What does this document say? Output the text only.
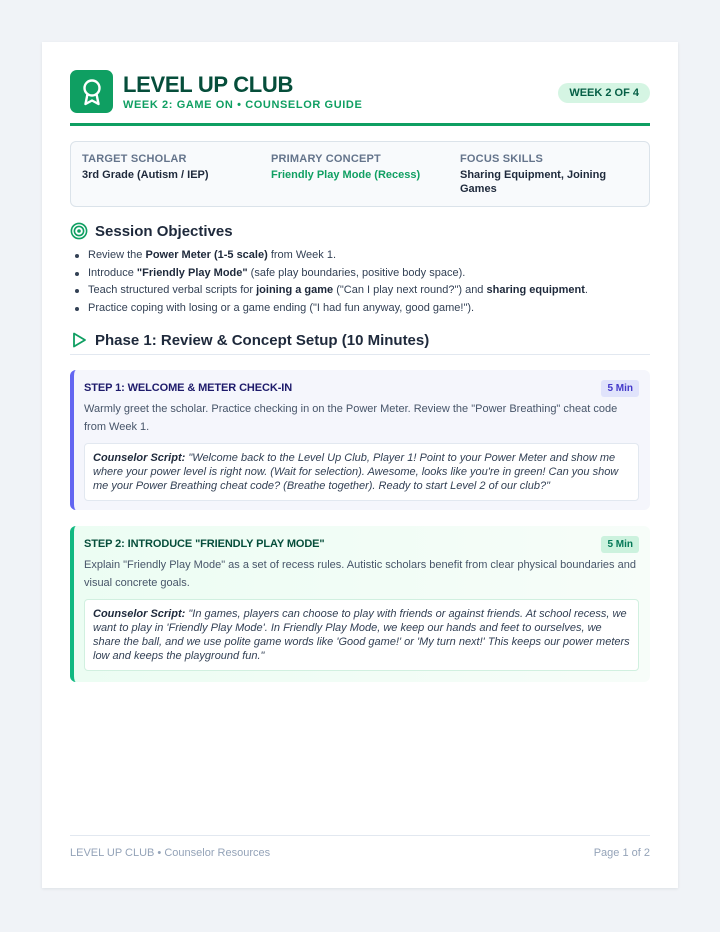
LEVEL UP CLUB
WEEK 2: GAME ON • COUNSELOR GUIDE
WEEK 2 OF 4
TARGET SCHOLAR
3rd Grade (Autism / IEP)
PRIMARY CONCEPT
Friendly Play Mode (Recess)
FOCUS SKILLS
Sharing Equipment, Joining Games
Session Objectives
Review the Power Meter (1-5 scale) from Week 1.
Introduce "Friendly Play Mode" (safe play boundaries, positive body space).
Teach structured verbal scripts for joining a game ("Can I play next round?") and sharing equipment.
Practice coping with losing or a game ending ("I had fun anyway, good game!").
Phase 1: Review & Concept Setup (10 Minutes)
STEP 1: WELCOME & METER CHECK-IN	5 Min
Warmly greet the scholar. Practice checking in on the Power Meter. Review the "Power Breathing" cheat code from Week 1.
Counselor Script: "Welcome back to the Level Up Club, Player 1! Point to your Power Meter and show me where your power level is right now. (Wait for selection). Awesome, looks like you're in green! Can you show me your Power Breathing cheat code? (Breathe together). Ready to start Level 2 of our club?"
STEP 2: INTRODUCE "FRIENDLY PLAY MODE"	5 Min
Explain "Friendly Play Mode" as a set of recess rules. Autistic scholars benefit from clear physical boundaries and visual concrete goals.
Counselor Script: "In games, players can choose to play with friends or against friends. At school recess, we want to play in 'Friendly Play Mode'. In Friendly Play Mode, we keep our hands and feet to ourselves, we share the ball, and we use polite game words like 'Good game!' or 'My turn next!' This keeps our power meters low and keeps the playground fun."
LEVEL UP CLUB • Counselor Resources	Page 1 of 2
